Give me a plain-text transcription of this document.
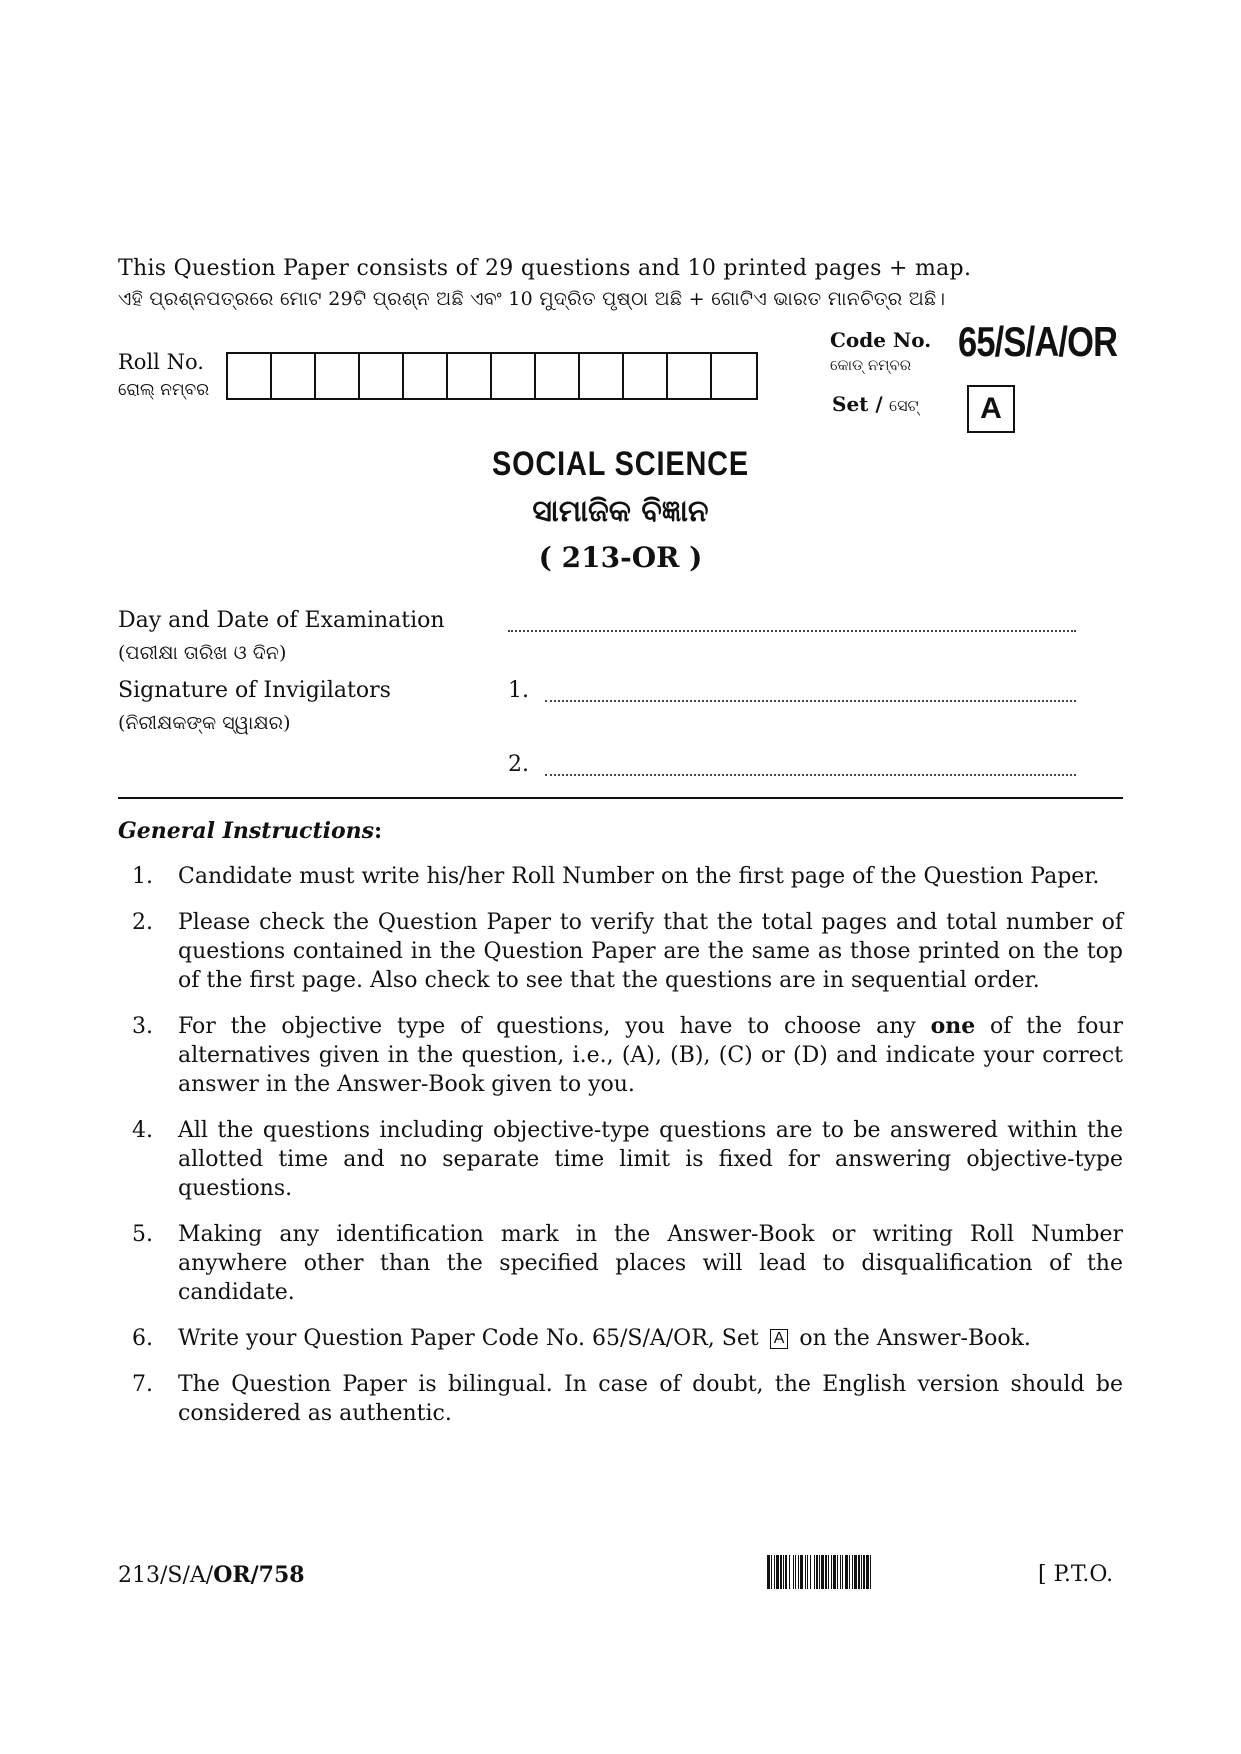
This Question Paper consists of 29 questions and 10 printed pages + map.
ଏହି ପ୍ରଶ୍ନପତ୍ରରେ ମୋଟ 29ଟି ପ୍ରଶ୍ନ ଅଛି ଏବଂ 10 ମୁଦ୍ରିତ ପୃଷ୍ଠା ଅଛି + ଗୋଟିଏ ଭାରତ ମାନଚିତ୍ର ଅଛି।
Roll No.
ରୋଲ୍ ନମ୍ବର
Code No.
କୋଡ୍ ନମ୍ବର 65/S/A/OR
Set / ସେଟ୍	A
SOCIAL SCIENCE
ସାମାଜିକ ବିଜ୍ଞାନ
( 213-OR )
Day and Date of Examination
(ପରୀକ୍ଷା ତାରିଖ ଓ ଦିନ)
Signature of Invigilators	1.
(ନିରୀକ୍ଷକଙ୍କ ସ୍ୱାକ୍ଷର)
2.
General Instructions:
1.	Candidate must write his/her Roll Number on the first page of the Question Paper.
2.	Please check the Question Paper to verify that the total pages and total number of questions contained in the Question Paper are the same as those printed on the top of the first page. Also check to see that the questions are in sequential order.
3.	For the objective type of questions, you have to choose any one of the four alternatives given in the question, i.e., (A), (B), (C) or (D) and indicate your correct answer in the Answer-Book given to you.
4.	All the questions including objective-type questions are to be answered within the allotted time and no separate time limit is fixed for answering objective-type questions.
5.	Making any identification mark in the Answer-Book or writing Roll Number anywhere other than the specified places will lead to disqualification of the candidate.
6.	Write your Question Paper Code No. 65/S/A/OR, Set A on the Answer-Book.
7.	The Question Paper is bilingual. In case of doubt, the English version should be considered as authentic.
213/S/A/OR/758	[ P.T.O.
